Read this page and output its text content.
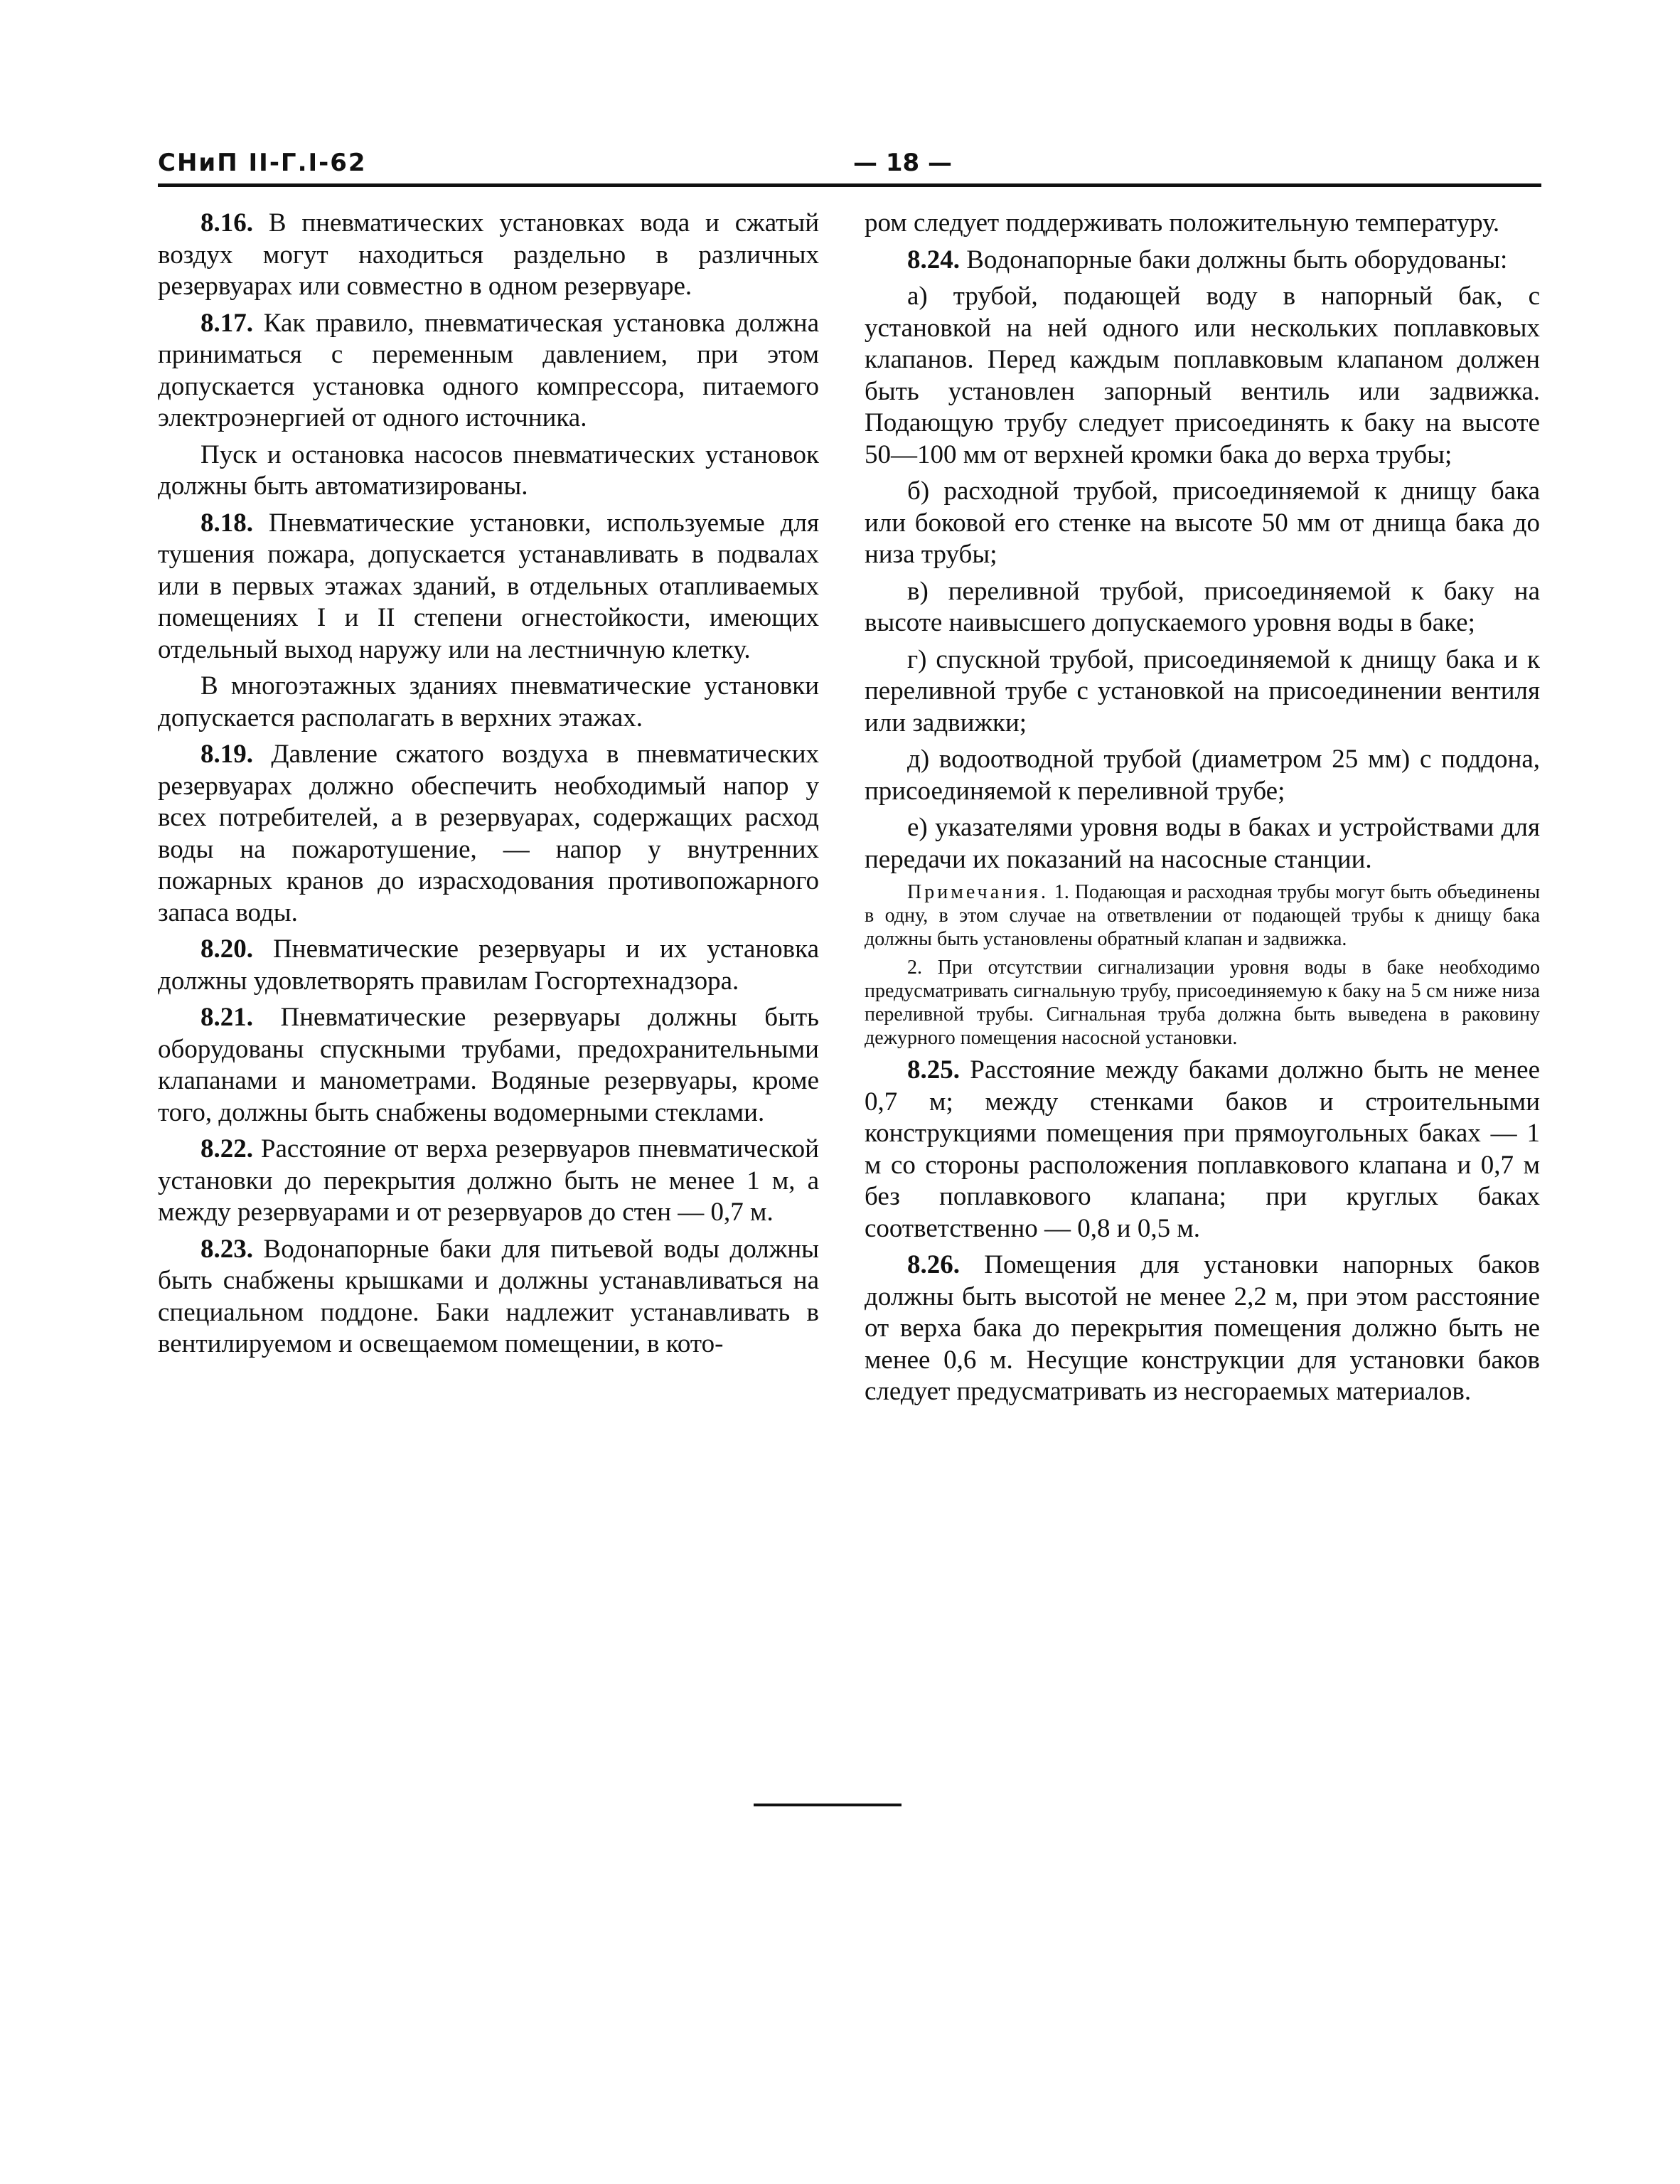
СНиП II-Г.I-62	— 18 —

8.16. В пневматических установках вода и сжатый воздух могут находиться раздельно в различных резервуарах или совместно в одном резервуаре.

8.17. Как правило, пневматическая установка должна приниматься с переменным давлением, при этом допускается установка одного компрессора, питаемого электроэнергией от одного источника.

Пуск и остановка насосов пневматических установок должны быть автоматизированы.

8.18. Пневматические установки, используемые для тушения пожара, допускается устанавливать в подвалах или в первых этажах зданий, в отдельных отапливаемых помещениях I и II степени огнестойкости, имеющих отдельный выход наружу или на лестничную клетку.

В многоэтажных зданиях пневматические установки допускается располагать в верхних этажах.

8.19. Давление сжатого воздуха в пневматических резервуарах должно обеспечить необходимый напор у всех потребителей, а в резервуарах, содержащих расход воды на пожаротушение, — напор у внутренних пожарных кранов до израсходования противопожарного запаса воды.

8.20. Пневматические резервуары и их установка должны удовлетворять правилам Госгортехнадзора.

8.21. Пневматические резервуары должны быть оборудованы спускными трубами, предохранительными клапанами и манометрами. Водяные резервуары, кроме того, должны быть снабжены водомерными стеклами.

8.22. Расстояние от верха резервуаров пневматической установки до перекрытия должно быть не менее 1 м, а между резервуарами и от резервуаров до стен — 0,7 м.

8.23. Водонапорные баки для питьевой воды должны быть снабжены крышками и должны устанавливаться на специальном поддоне. Баки надлежит устанавливать в вентилируемом и освещаемом помещении, в кото-

ром следует поддерживать положительную температуру.

8.24. Водонапорные баки должны быть оборудованы:

а) трубой, подающей воду в напорный бак, с установкой на ней одного или нескольких поплавковых клапанов. Перед каждым поплавковым клапаном должен быть установлен запорный вентиль или задвижка. Подающую трубу следует присоединять к баку на высоте 50—100 мм от верхней кромки бака до верха трубы;

б) расходной трубой, присоединяемой к днищу бака или боковой его стенке на высоте 50 мм от днища бака до низа трубы;

в) переливной трубой, присоединяемой к баку на высоте наивысшего допускаемого уровня воды в баке;

г) спускной трубой, присоединяемой к днищу бака и к переливной трубе с установкой на присоединении вентиля или задвижки;

д) водоотводной трубой (диаметром 25 мм) с поддона, присоединяемой к переливной трубе;

е) указателями уровня воды в баках и устройствами для передачи их показаний на насосные станции.

Примечания. 1. Подающая и расходная трубы могут быть объединены в одну, в этом случае на ответвлении от подающей трубы к днищу бака должны быть установлены обратный клапан и задвижка.

2. При отсутствии сигнализации уровня воды в баке необходимо предусматривать сигнальную трубу, присоединяемую к баку на 5 см ниже низа переливной трубы. Сигнальная труба должна быть выведена в раковину дежурного помещения насосной установки.

8.25. Расстояние между баками должно быть не менее 0,7 м; между стенками баков и строительными конструкциями помещения при прямоугольных баках — 1 м со стороны расположения поплавкового клапана и 0,7 м без поплавкового клапана; при круглых баках соответственно — 0,8 и 0,5 м.

8.26. Помещения для установки напорных баков должны быть высотой не менее 2,2 м, при этом расстояние от верха бака до перекрытия помещения должно быть не менее 0,6 м. Несущие конструкции для установки баков следует предусматривать из несгораемых материалов.
